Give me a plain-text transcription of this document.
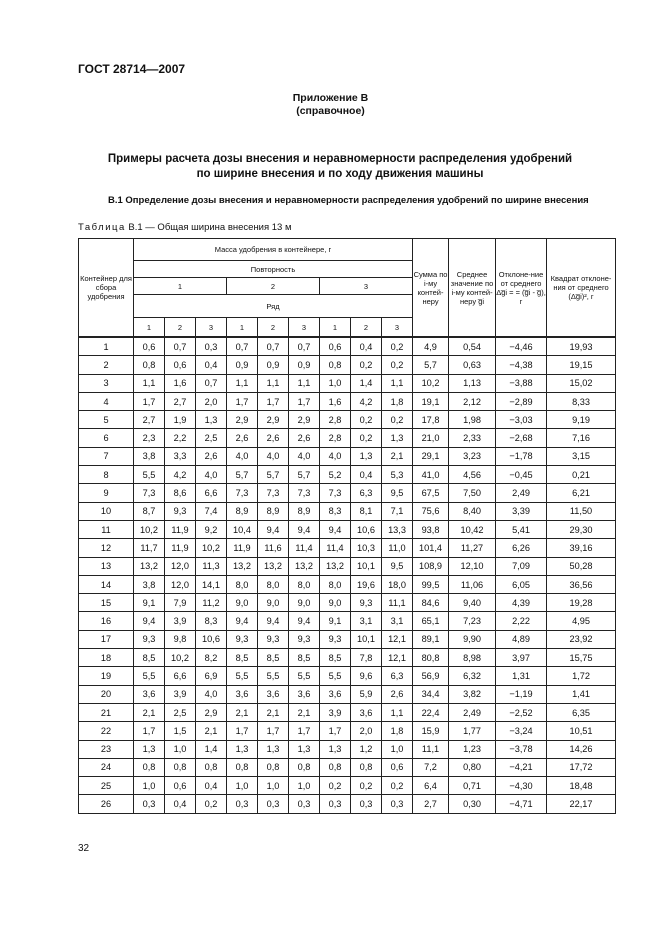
ГОСТ 28714—2007
Приложение В
(справочное)
Примеры расчета дозы внесения и неравномерности распределения удобрений
по ширине внесения и по ходу движения машины
В.1 Определение дозы внесения и неравномерности распределения удобрений по ширине внесения
Таблица В.1 — Общая ширина внесения 13 м
Контейнер для сбора удобрения	Масса удобрения в контейнере, г									Сумма по i-му контей-неру	Среднее значение по i-му контей-неру g̅i	Отклоне-ние от среднего Δg̅i = = (g̅i - g̅), г	Квадрат отклоне-ния от среднего (Δg̅i)², г
	Повторность												
	1			2			3						
	Ряд												
	1	2	3	1	2	3	1	2	3				
1	0,6	0,7	0,3	0,7	0,7	0,7	0,6	0,4	0,2	4,9	0,54	−4,46	19,93
2	0,8	0,6	0,4	0,9	0,9	0,9	0,8	0,2	0,2	5,7	0,63	−4,38	19,15
3	1,1	1,6	0,7	1,1	1,1	1,1	1,0	1,4	1,1	10,2	1,13	−3,88	15,02
4	1,7	2,7	2,0	1,7	1,7	1,7	1,6	4,2	1,8	19,1	2,12	−2,89	8,33
5	2,7	1,9	1,3	2,9	2,9	2,9	2,8	0,2	0,2	17,8	1,98	−3,03	9,19
6	2,3	2,2	2,5	2,6	2,6	2,6	2,8	0,2	1,3	21,0	2,33	−2,68	7,16
7	3,8	3,3	2,6	4,0	4,0	4,0	4,0	1,3	2,1	29,1	3,23	−1,78	3,15
8	5,5	4,2	4,0	5,7	5,7	5,7	5,2	0,4	5,3	41,0	4,56	−0,45	0,21
9	7,3	8,6	6,6	7,3	7,3	7,3	7,3	6,3	9,5	67,5	7,50	2,49	6,21
10	8,7	9,3	7,4	8,9	8,9	8,9	8,3	8,1	7,1	75,6	8,40	3,39	11,50
11	10,2	11,9	9,2	10,4	9,4	9,4	9,4	10,6	13,3	93,8	10,42	5,41	29,30
12	11,7	11,9	10,2	11,9	11,6	11,4	11,4	10,3	11,0	101,4	11,27	6,26	39,16
13	13,2	12,0	11,3	13,2	13,2	13,2	13,2	10,1	9,5	108,9	12,10	7,09	50,28
14	3,8	12,0	14,1	8,0	8,0	8,0	8,0	19,6	18,0	99,5	11,06	6,05	36,56
15	9,1	7,9	11,2	9,0	9,0	9,0	9,0	9,3	11,1	84,6	9,40	4,39	19,28
16	9,4	3,9	8,3	9,4	9,4	9,4	9,1	3,1	3,1	65,1	7,23	2,22	4,95
17	9,3	9,8	10,6	9,3	9,3	9,3	9,3	10,1	12,1	89,1	9,90	4,89	23,92
18	8,5	10,2	8,2	8,5	8,5	8,5	8,5	7,8	12,1	80,8	8,98	3,97	15,75
19	5,5	6,6	6,9	5,5	5,5	5,5	5,5	9,6	6,3	56,9	6,32	1,31	1,72
20	3,6	3,9	4,0	3,6	3,6	3,6	3,6	5,9	2,6	34,4	3,82	−1,19	1,41
21	2,1	2,5	2,9	2,1	2,1	2,1	3,9	3,6	1,1	22,4	2,49	−2,52	6,35
22	1,7	1,5	2,1	1,7	1,7	1,7	1,7	2,0	1,8	15,9	1,77	−3,24	10,51
23	1,3	1,0	1,4	1,3	1,3	1,3	1,3	1,2	1,0	11,1	1,23	−3,78	14,26
24	0,8	0,8	0,8	0,8	0,8	0,8	0,8	0,8	0,6	7,2	0,80	−4,21	17,72
25	1,0	0,6	0,4	1,0	1,0	1,0	0,2	0,2	0,2	6,4	0,71	−4,30	18,48
26	0,3	0,4	0,2	0,3	0,3	0,3	0,3	0,3	0,3	2,7	0,30	−4,71	22,17
32
